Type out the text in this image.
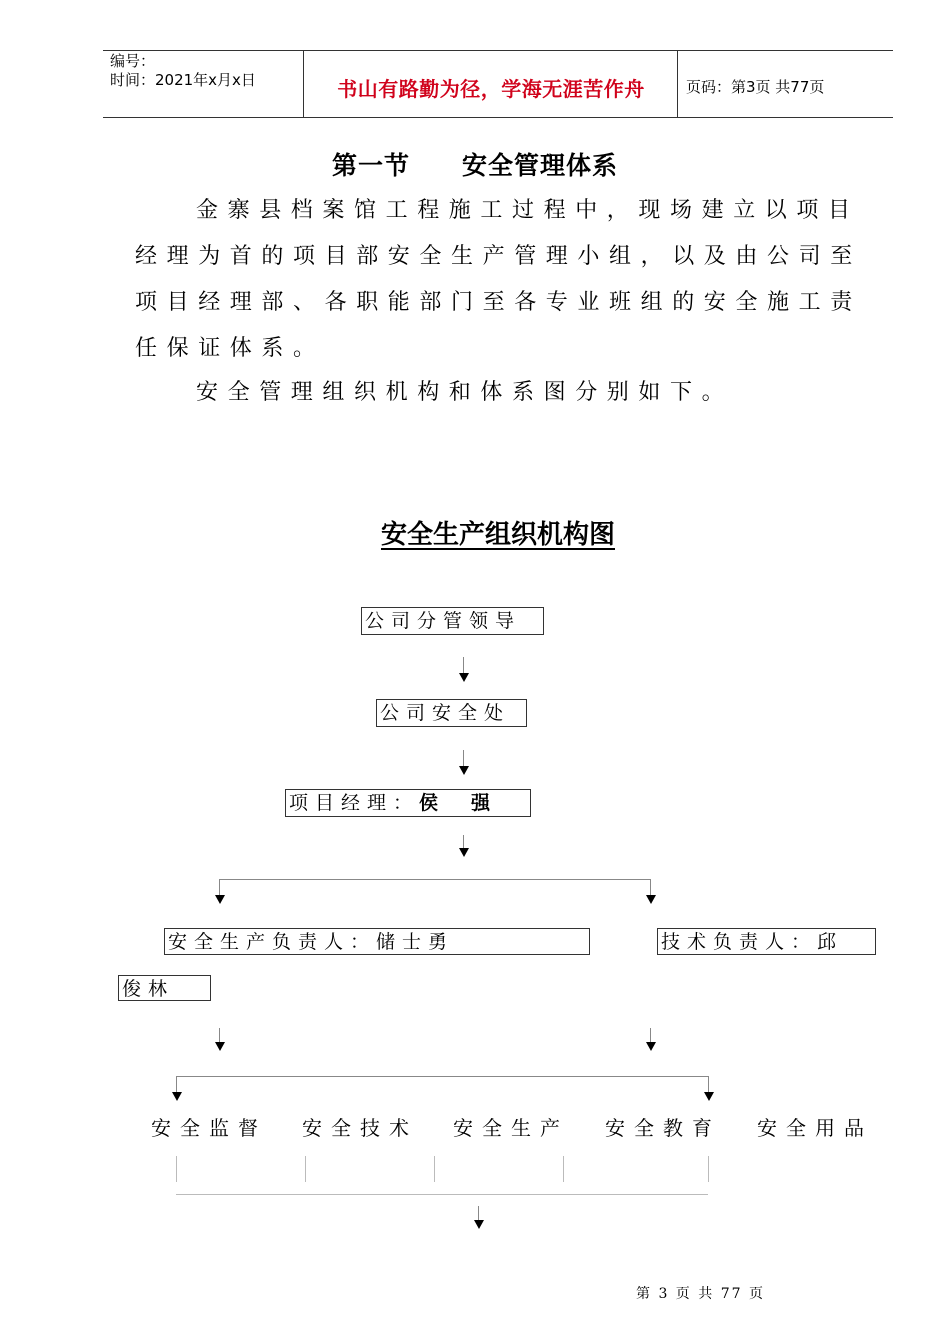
编号：
时间：2021年x月x日	书山有路勤为径，学海无涯苦作舟	页码：第3页 共77页
第一节　　安全管理体系
金寨县档案馆工程施工过程中，现场建立以项目经理为首的项目部安全生产管理小组，以及由公司至项目经理部、各职能部门至各专业班组的安全施工责任保证体系。
安全管理组织机构和体系图分别如下。
安全生产组织机构图
公司分管领导
公司安全处
项目经理：侯　强
安全生产负责人：储士勇	技术负责人：邱
俊林
安全监督 安全技术 安全生产 安全教育 安全用品
第 3 页 共 77 页
